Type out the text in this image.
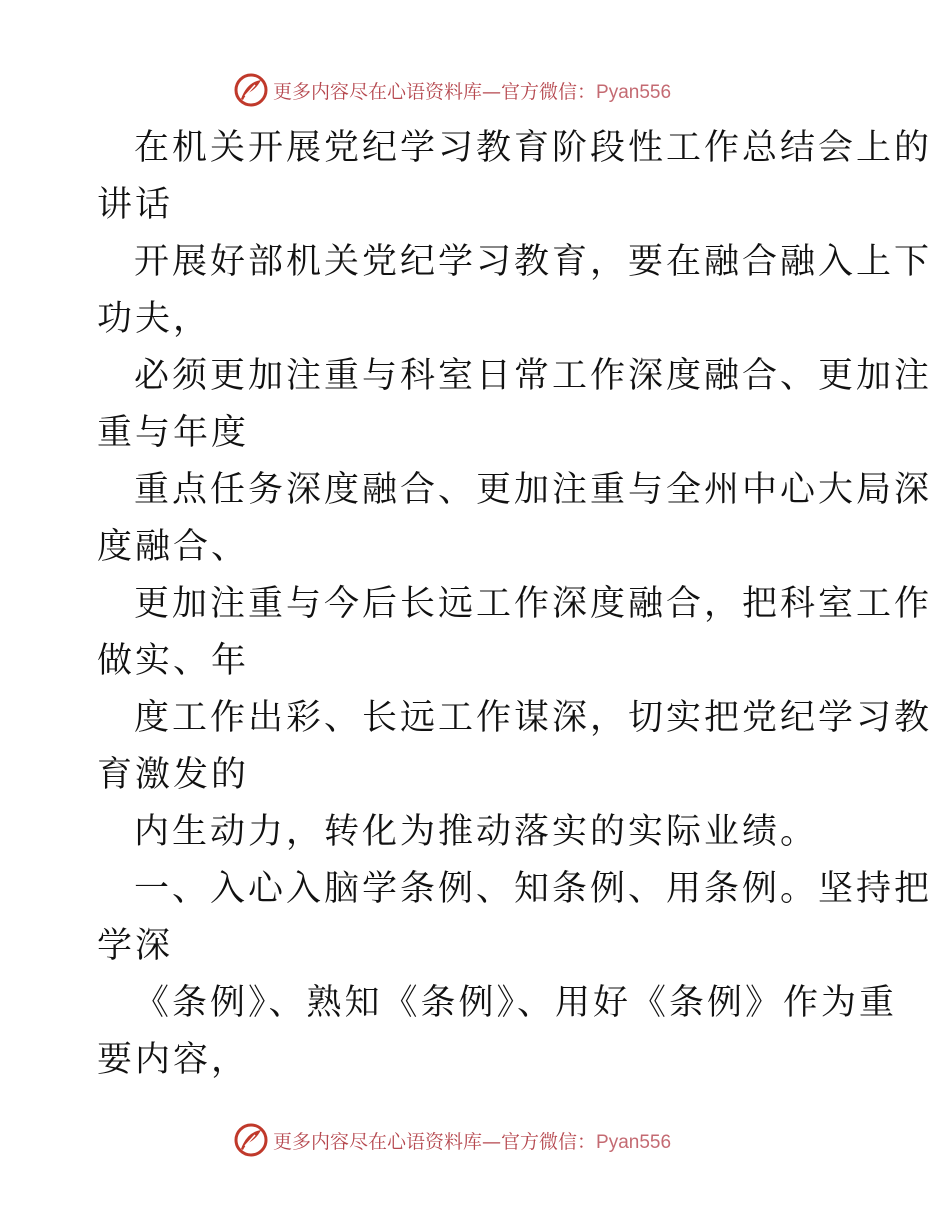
更多内容尽在心语资料库—官方微信：Pyan556

在机关开展党纪学习教育阶段性工作总结会上的

讲话

开展好部机关党纪学习教育，要在融合融入上下

功夫，

必须更加注重与科室日常工作深度融合、更加注

重与年度

重点任务深度融合、更加注重与全州中心大局深

度融合、

更加注重与今后长远工作深度融合，把科室工作

做实、年

度工作出彩、长远工作谋深，切实把党纪学习教

育激发的

内生动力，转化为推动落实的实际业绩。

一、入心入脑学条例、知条例、用条例。坚持把

学深

《条例》、熟知《条例》、用好《条例》作为重

要内容，

更多内容尽在心语资料库—官方微信：Pyan556
